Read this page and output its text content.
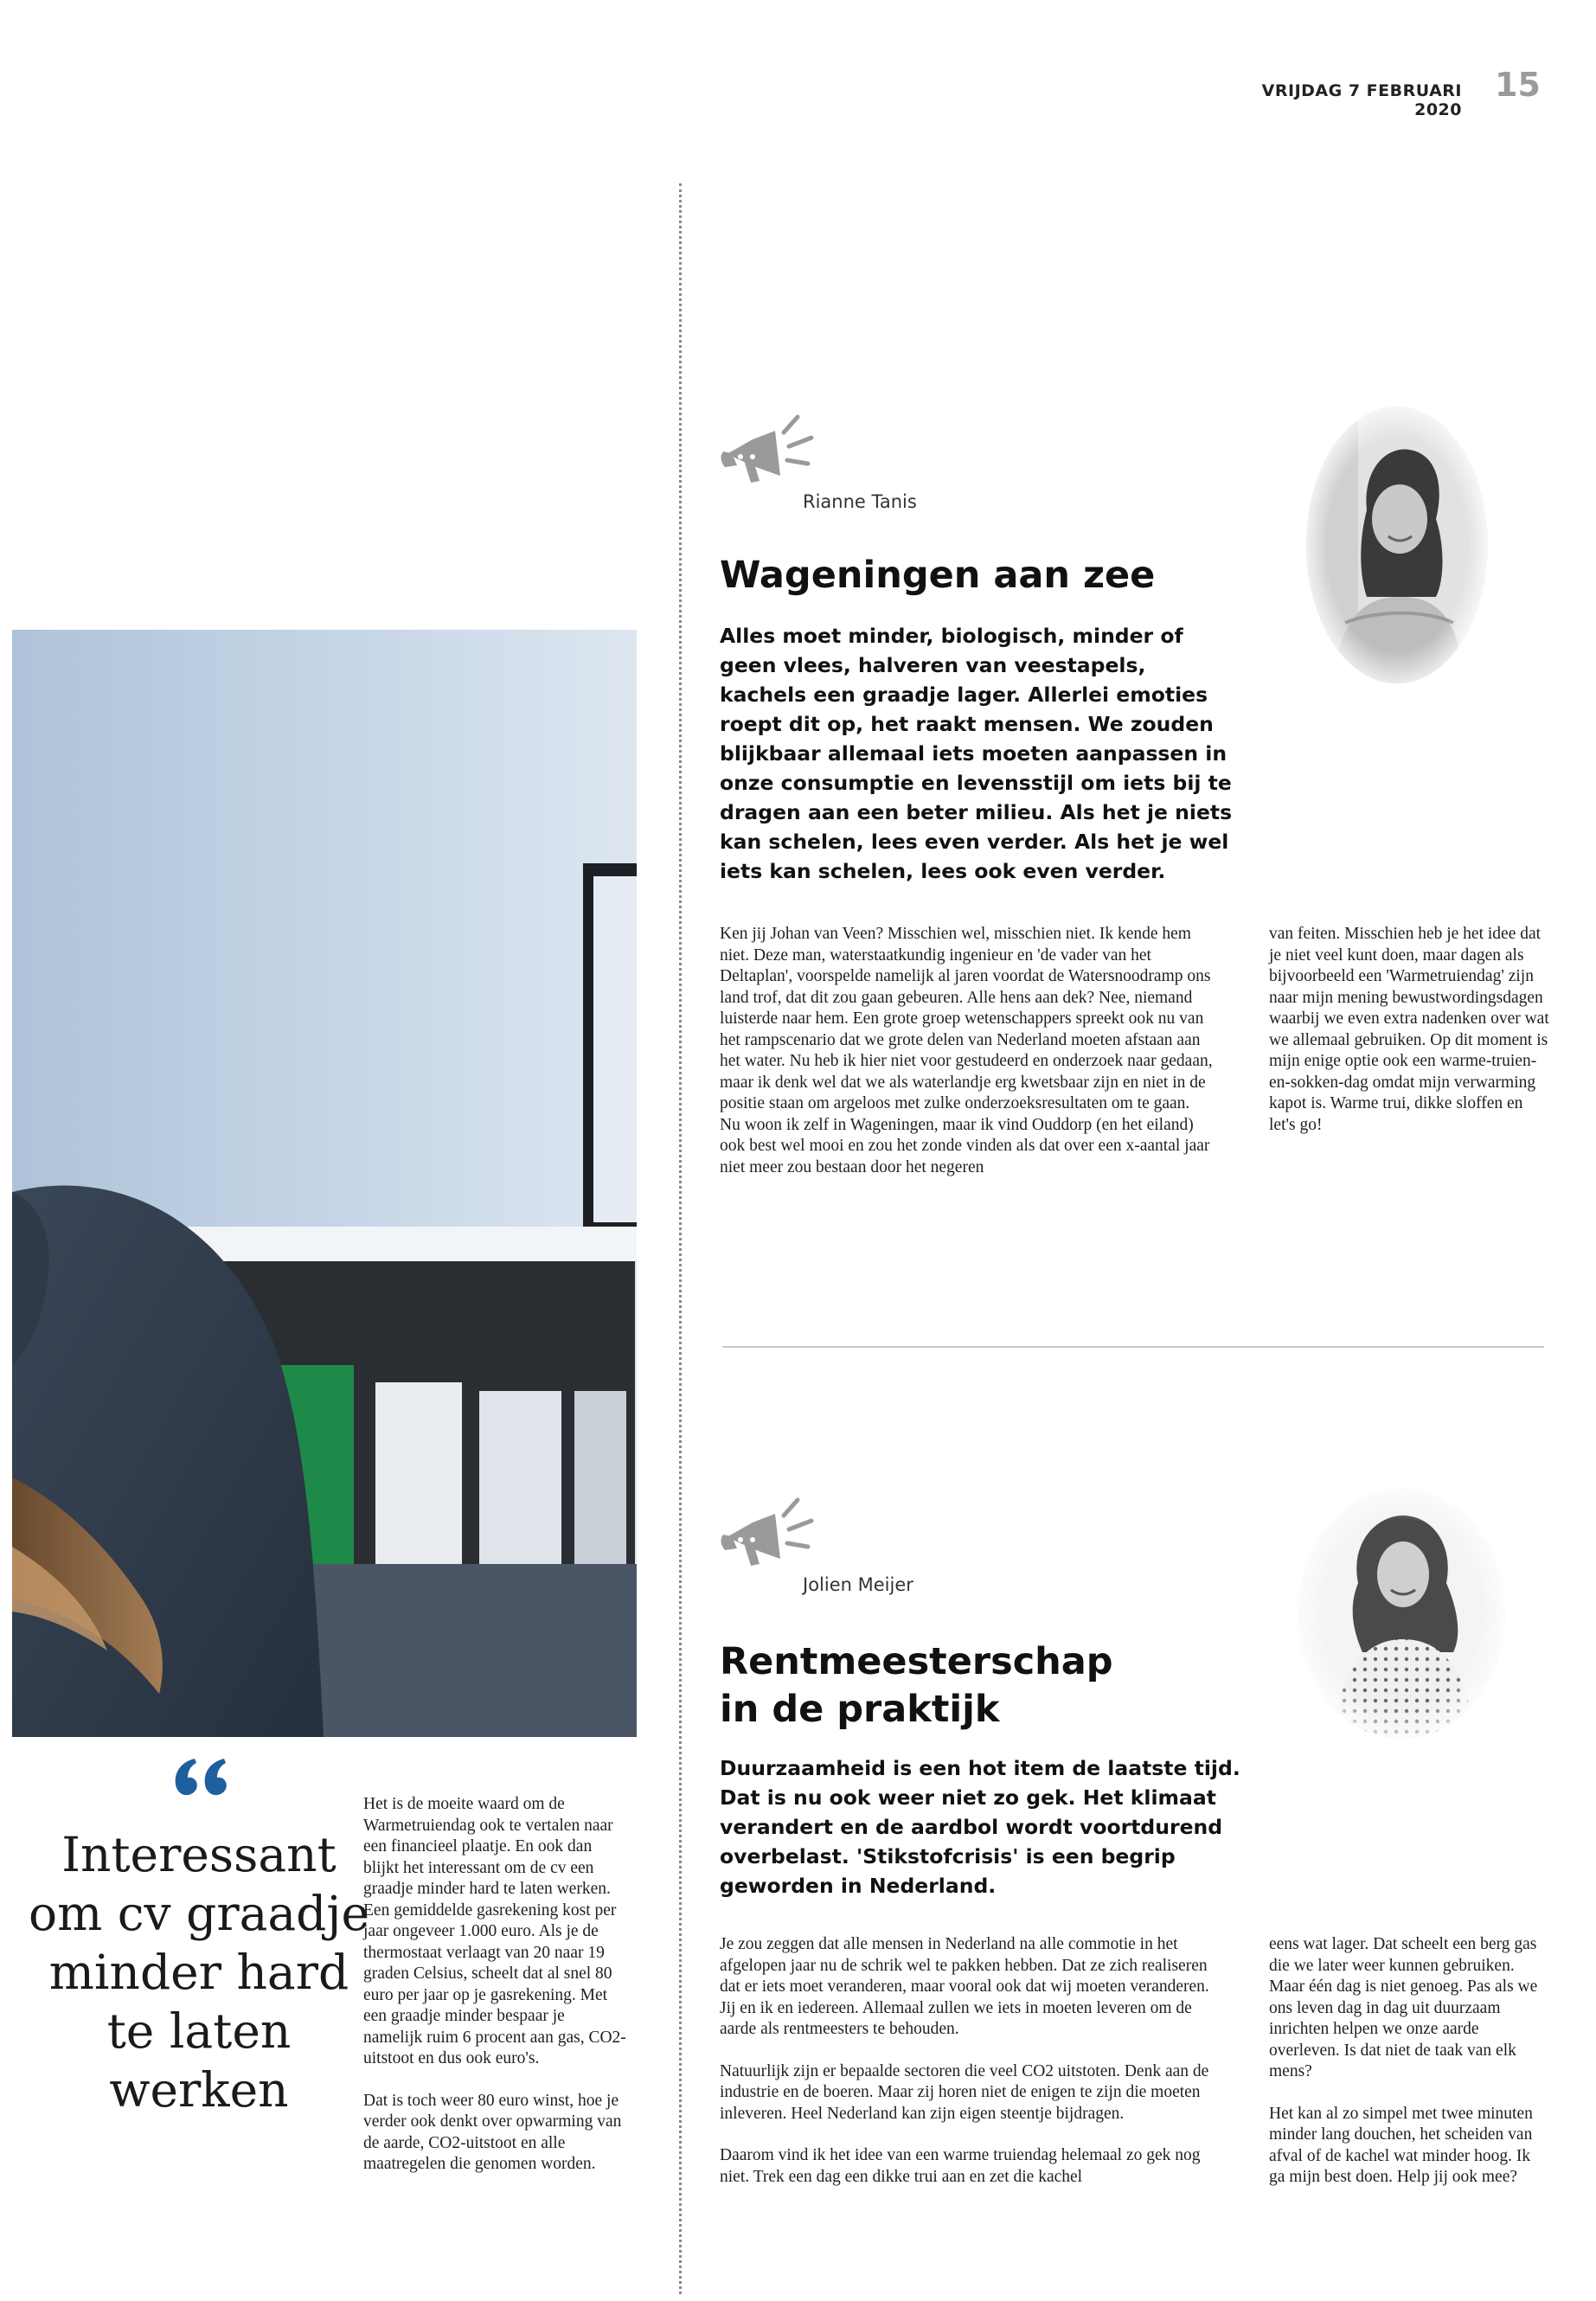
VRIJDAG 7 FEBRUARI 2020
15
Rianne Tanis
Wageningen aan zee
Alles moet minder, biologisch, minder of geen vlees, halveren van veestapels, kachels een graadje lager. Allerlei emoties roept dit op, het raakt mensen. We zouden blijkbaar allemaal iets moeten aanpassen in onze consumptie en levensstijl om iets bij te dragen aan een beter milieu. Als het je niets kan schelen, lees even verder. Als het je wel iets kan schelen, lees ook even verder.

Ken jij Johan van Veen? Misschien wel, misschien niet. Ik kende hem niet. Deze man, waterstaatkundig ingenieur en 'de vader van het Deltaplan', voorspelde namelijk al jaren voordat de Watersnoodramp ons land trof, dat dit zou gaan gebeuren. Alle hens aan dek? Nee, niemand luisterde naar hem. Een grote groep wetenschappers spreekt ook nu van het rampscenario dat we grote delen van Nederland moeten afstaan aan het water. Nu heb ik hier niet voor gestudeerd en onderzoek naar gedaan, maar ik denk wel dat we als waterlandje erg kwetsbaar zijn en niet in de positie staan om argeloos met zulke onderzoeksresultaten om te gaan. Nu woon ik zelf in Wageningen, maar ik vind Ouddorp (en het eiland) ook best wel mooi en zou het zonde vinden als dat over een x-aantal jaar niet meer zou bestaan door het negeren

van feiten. Misschien heb je het idee dat je niet veel kunt doen, maar dagen als bijvoorbeeld een 'Warmetruiendag' zijn naar mijn mening bewustwordingsdagen waarbij we even extra nadenken over wat we allemaal gebruiken. Op dit moment is mijn enige optie ook een warme-truien-en-sokken-dag omdat mijn verwarming kapot is. Warme trui, dikke sloffen en let's go!

Jolien Meijer
Rentmeesterschap
in de praktijk
Duurzaamheid is een hot item de laatste tijd. Dat is nu ook weer niet zo gek. Het klimaat verandert en de aardbol wordt voortdurend overbelast. 'Stikstofcrisis' is een begrip geworden in Nederland.

Je zou zeggen dat alle mensen in Nederland na alle commotie in het afgelopen jaar nu de schrik wel te pakken hebben. Dat ze zich realiseren dat er iets moet veranderen, maar vooral ook dat wij moeten veranderen. Jij en ik en iedereen. Allemaal zullen we iets in moeten leveren om de aarde als rentmeesters te behouden.

Natuurlijk zijn er bepaalde sectoren die veel CO2 uitstoten. Denk aan de industrie en de boeren. Maar zij horen niet de enigen te zijn die moeten inleveren. Heel Nederland kan zijn eigen steentje bijdragen.

Daarom vind ik het idee van een warme truiendag helemaal zo gek nog niet. Trek een dag een dikke trui aan en zet die kachel

eens wat lager. Dat scheelt een berg gas die we later weer kunnen gebruiken. Maar één dag is niet genoeg. Pas als we ons leven dag in dag uit duurzaam inrichten helpen we onze aarde overleven. Is dat niet de taak van elk mens?

Het kan al zo simpel met twee minuten minder lang douchen, het scheiden van afval of de kachel wat minder hoog. Ik ga mijn best doen. Help jij ook mee?

Interessant om cv graadje minder hard te laten werken

Het is de moeite waard om de Warmetruiendag ook te vertalen naar een financieel plaatje. En ook dan blijkt het interessant om de cv een graadje minder hard te laten werken. Een gemiddelde gasrekening kost per jaar ongeveer 1.000 euro. Als je de thermostaat verlaagt van 20 naar 19 graden Celsius, scheelt dat al snel 80 euro per jaar op je gasrekening. Met een graadje minder bespaar je namelijk ruim 6 procent aan gas, CO2-uitstoot en dus ook euro's.

Dat is toch weer 80 euro winst, hoe je verder ook denkt over opwarming van de aarde, CO2-uitstoot en alle maatregelen die genomen worden.
